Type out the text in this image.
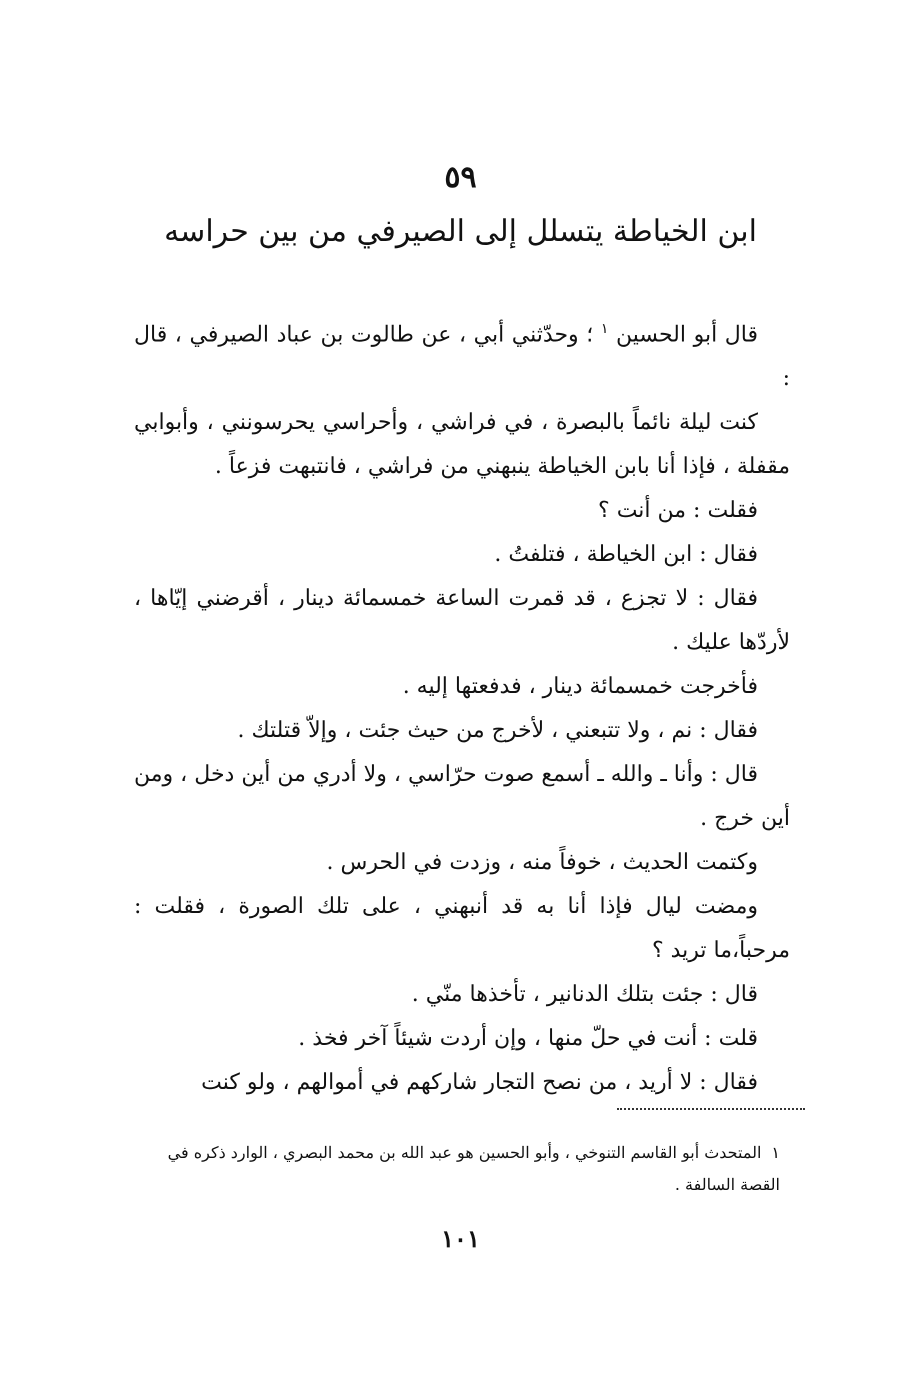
٥٩
ابن الخياطة يتسلل إلى الصيرفي من بين حراسه

قال أبو الحسين $^١$ ؛ وحدّثني أبي ، عن طالوت بن عباد الصيرفي ، قال :

كنت ليلة نائماً بالبصرة ، في فراشي ، وأحراسي يحرسونني ، وأبوابي مقفلة ، فإذا أنا بابن الخياطة ينبهني من فراشي ، فانتبهت فزعاً .

فقلت : من أنت ؟

فقال : ابن الخياطة ، فتلفتُ .

فقال : لا تجزع ، قد قمرت الساعة خمسمائة دينار ، أقرضني إيّاها ، لأردّها عليك .

فأخرجت خمسمائة دينار ، فدفعتها إليه .

فقال : نم ، ولا تتبعني ، لأخرج من حيث جئت ، وإلاّ قتلتك .

قال : وأنا ـ والله ـ أسمع صوت حرّاسي ، ولا أدري من أين دخل ، ومن أين خرج .

وكتمت الحديث ، خوفاً منه ، وزدت في الحرس .

ومضت ليال فإذا أنا به قد أنبهني ، على تلك الصورة ، فقلت : مرحباً،ما تريد ؟

قال : جئت بتلك الدنانير ، تأخذها منّي .

قلت : أنت في حلّ منها ، وإن أردت شيئاً آخر فخذ .

فقال : لا أريد ، من نصح التجار شاركهم في أموالهم ، ولو كنت

١المتحدث أبو القاسم التنوخي ، وأبو الحسين هو عبد الله بن محمد البصري ، الوارد ذكره في القصة السالفة .
١٠١
